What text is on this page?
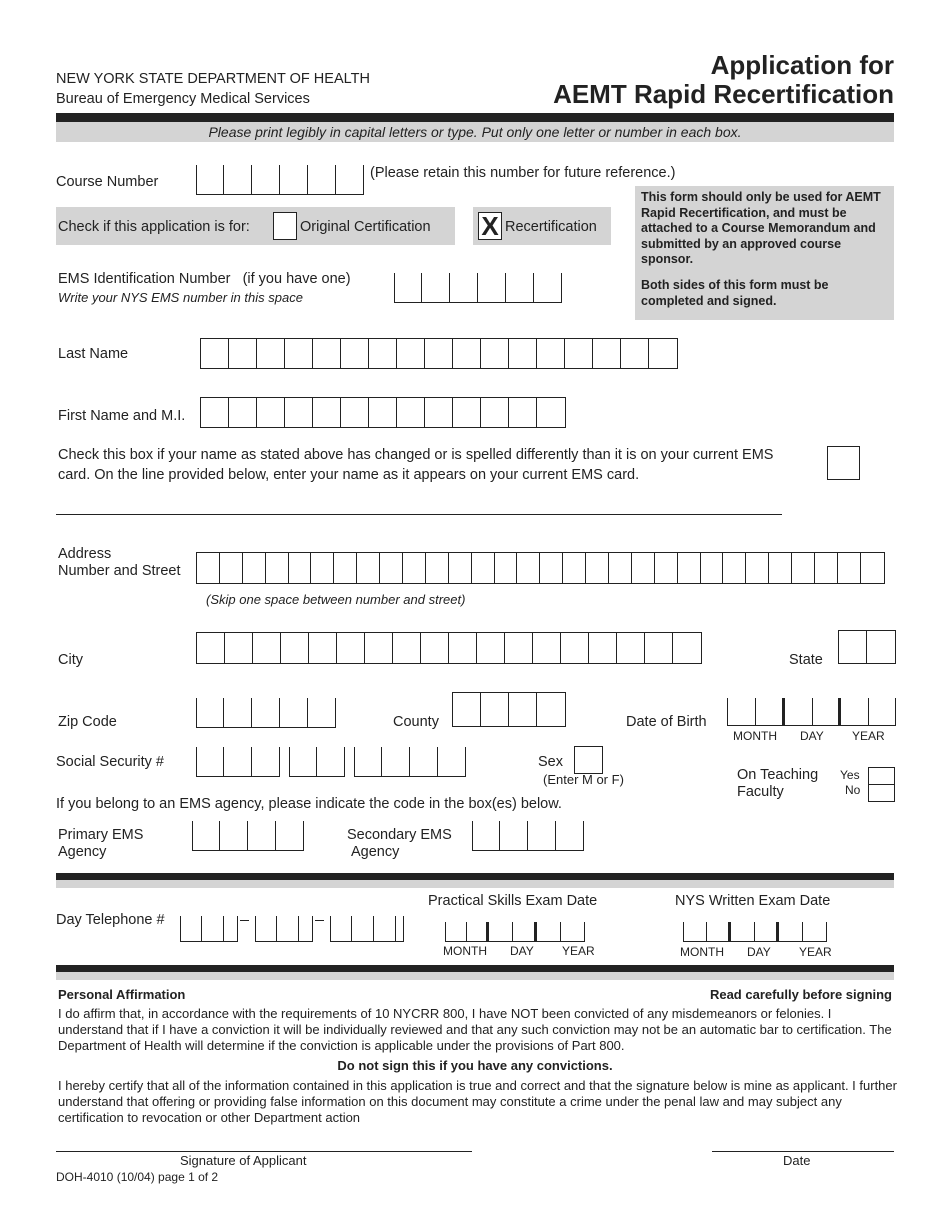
NEW YORK STATE DEPARTMENT OF HEALTH
Bureau of Emergency Medical Services
Application for
AEMT Rapid Recertification
Please print legibly in capital letters or type. Put only one letter or number in each box.
Course Number
(Please retain this number for future reference.)
This form should only be used for AEMT Rapid Recertification, and must be attached to a Course Memorandum and submitted by an approved course sponsor.
Both sides of this form must be completed and signed.
Check if this application is for:	Original Certification X Recertification
EMS Identification Number (if you have one)
Write your NYS EMS number in this space
Last Name
First Name and M.I.
Check this box if your name as stated above has changed or is spelled differently than it is on your current EMS card. On the line provided below, enter your name as it appears on your current EMS card.
Address
Number and Street
(Skip one space between number and street)
City	State
Zip Code	County	Date of Birth
MONTH DAY YEAR
Social Security #	Sex
(Enter M or F)	On Teaching
Faculty
Yes
No
If you belong to an EMS agency, please indicate the code in the box(es) below.
Primary EMS
Agency
Secondary EMS
Agency
Day Telephone #
Practical Skills Exam Date
MONTH DAY YEAR
NYS Written Exam Date
MONTH DAY YEAR
Personal Affirmation	Read carefully before signing
I do affirm that, in accordance with the requirements of 10 NYCRR 800, I have NOT been convicted of any misdemeanors or felonies. I understand that if I have a conviction it will be individually reviewed and that any such conviction may not be an automatic bar to certification. The Department of Health will determine if the conviction is applicable under the provisions of Part 800.
Do not sign this if you have any convictions.
I hereby certify that all of the information contained in this application is true and correct and that the signature below is mine as applicant. I further understand that offering or providing false information on this document may constitute a crime under the penal law and may subject any certification to revocation or other Department action
Signature of Applicant	Date
DOH-4010 (10/04) page 1 of 2
